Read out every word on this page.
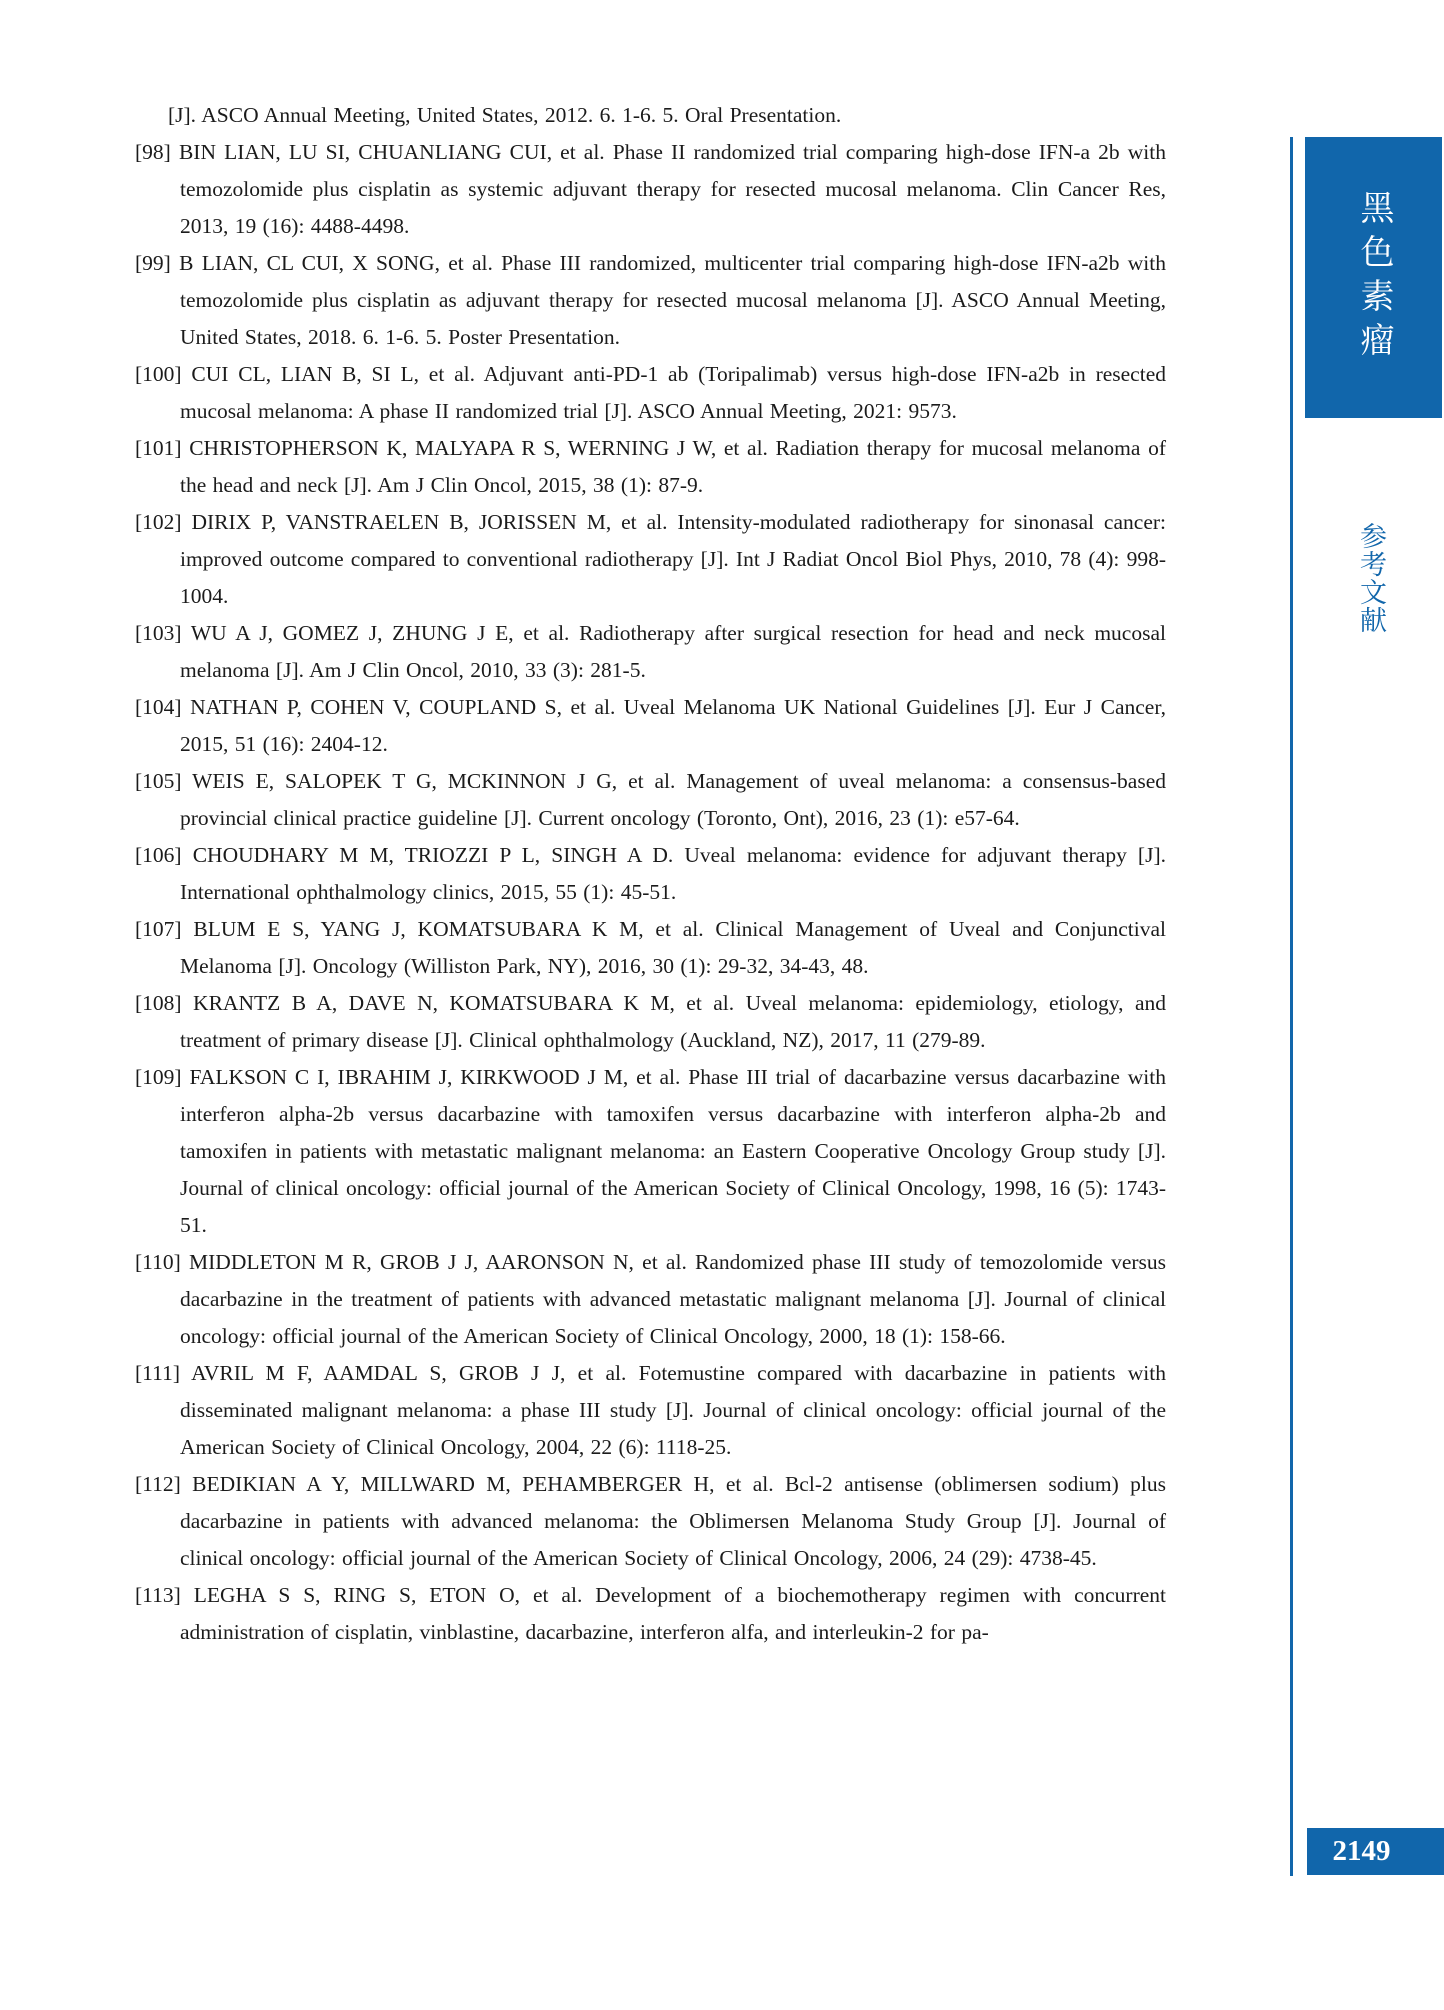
[J]. ASCO Annual Meeting, United States, 2012. 6. 1-6. 5. Oral Presentation.

[98] BIN LIAN, LU SI, CHUANLIANG CUI, et al. Phase II randomized trial comparing high-dose IFN-a 2b with temozolomide plus cisplatin as systemic adjuvant therapy for resected mucosal melanoma. Clin Cancer Res, 2013, 19 (16): 4488-4498.

[99] B LIAN, CL CUI, X SONG, et al. Phase III randomized, multicenter trial comparing high-dose IFN-a2b with temozolomide plus cisplatin as adjuvant therapy for resected mucosal melanoma [J]. ASCO Annual Meeting, United States, 2018. 6. 1-6. 5. Poster Presentation.

[100] CUI CL, LIAN B, SI L, et al. Adjuvant anti-PD-1 ab (Toripalimab) versus high-dose IFN-a2b in resected mucosal melanoma: A phase II randomized trial [J]. ASCO Annual Meeting, 2021: 9573.

[101] CHRISTOPHERSON K, MALYAPA R S, WERNING J W, et al. Radiation therapy for mucosal melanoma of the head and neck [J]. Am J Clin Oncol, 2015, 38 (1): 87-9.

[102] DIRIX P, VANSTRAELEN B, JORISSEN M, et al. Intensity-modulated radiotherapy for sinonasal cancer: improved outcome compared to conventional radiotherapy [J]. Int J Radiat Oncol Biol Phys, 2010, 78 (4): 998-1004.

[103] WU A J, GOMEZ J, ZHUNG J E, et al. Radiotherapy after surgical resection for head and neck mucosal melanoma [J]. Am J Clin Oncol, 2010, 33 (3): 281-5.

[104] NATHAN P, COHEN V, COUPLAND S, et al. Uveal Melanoma UK National Guidelines [J]. Eur J Cancer, 2015, 51 (16): 2404-12.

[105] WEIS E, SALOPEK T G, MCKINNON J G, et al. Management of uveal melanoma: a consensus-based provincial clinical practice guideline [J]. Current oncology (Toronto, Ont), 2016, 23 (1): e57-64.

[106] CHOUDHARY M M, TRIOZZI P L, SINGH A D. Uveal melanoma: evidence for adjuvant therapy [J]. International ophthalmology clinics, 2015, 55 (1): 45-51.

[107] BLUM E S, YANG J, KOMATSUBARA K M, et al. Clinical Management of Uveal and Conjunctival Melanoma [J]. Oncology (Williston Park, NY), 2016, 30 (1): 29-32, 34-43, 48.

[108] KRANTZ B A, DAVE N, KOMATSUBARA K M, et al. Uveal melanoma: epidemiology, etiology, and treatment of primary disease [J]. Clinical ophthalmology (Auckland, NZ), 2017, 11 (279-89.

[109] FALKSON C I, IBRAHIM J, KIRKWOOD J M, et al. Phase III trial of dacarbazine versus dacarbazine with interferon alpha-2b versus dacarbazine with tamoxifen versus dacarbazine with interferon alpha-2b and tamoxifen in patients with metastatic malignant melanoma: an Eastern Cooperative Oncology Group study [J]. Journal of clinical oncology: official journal of the American Society of Clinical Oncology, 1998, 16 (5): 1743-51.

[110] MIDDLETON M R, GROB J J, AARONSON N, et al. Randomized phase III study of temozolomide versus dacarbazine in the treatment of patients with advanced metastatic malignant melanoma [J]. Journal of clinical oncology: official journal of the American Society of Clinical Oncology, 2000, 18 (1): 158-66.

[111] AVRIL M F, AAMDAL S, GROB J J, et al. Fotemustine compared with dacarbazine in patients with disseminated malignant melanoma: a phase III study [J]. Journal of clinical oncology: official journal of the American Society of Clinical Oncology, 2004, 22 (6): 1118-25.

[112] BEDIKIAN A Y, MILLWARD M, PEHAMBERGER H, et al. Bcl-2 antisense (oblimersen sodium) plus dacarbazine in patients with advanced melanoma: the Oblimersen Melanoma Study Group [J]. Journal of clinical oncology: official journal of the American Society of Clinical Oncology, 2006, 24 (29): 4738-45.

[113] LEGHA S S, RING S, ETON O, et al. Development of a biochemotherapy regimen with concurrent administration of cisplatin, vinblastine, dacarbazine, interferon alfa, and interleukin-2 for pa-

黑色素瘤
参考文献
2149
